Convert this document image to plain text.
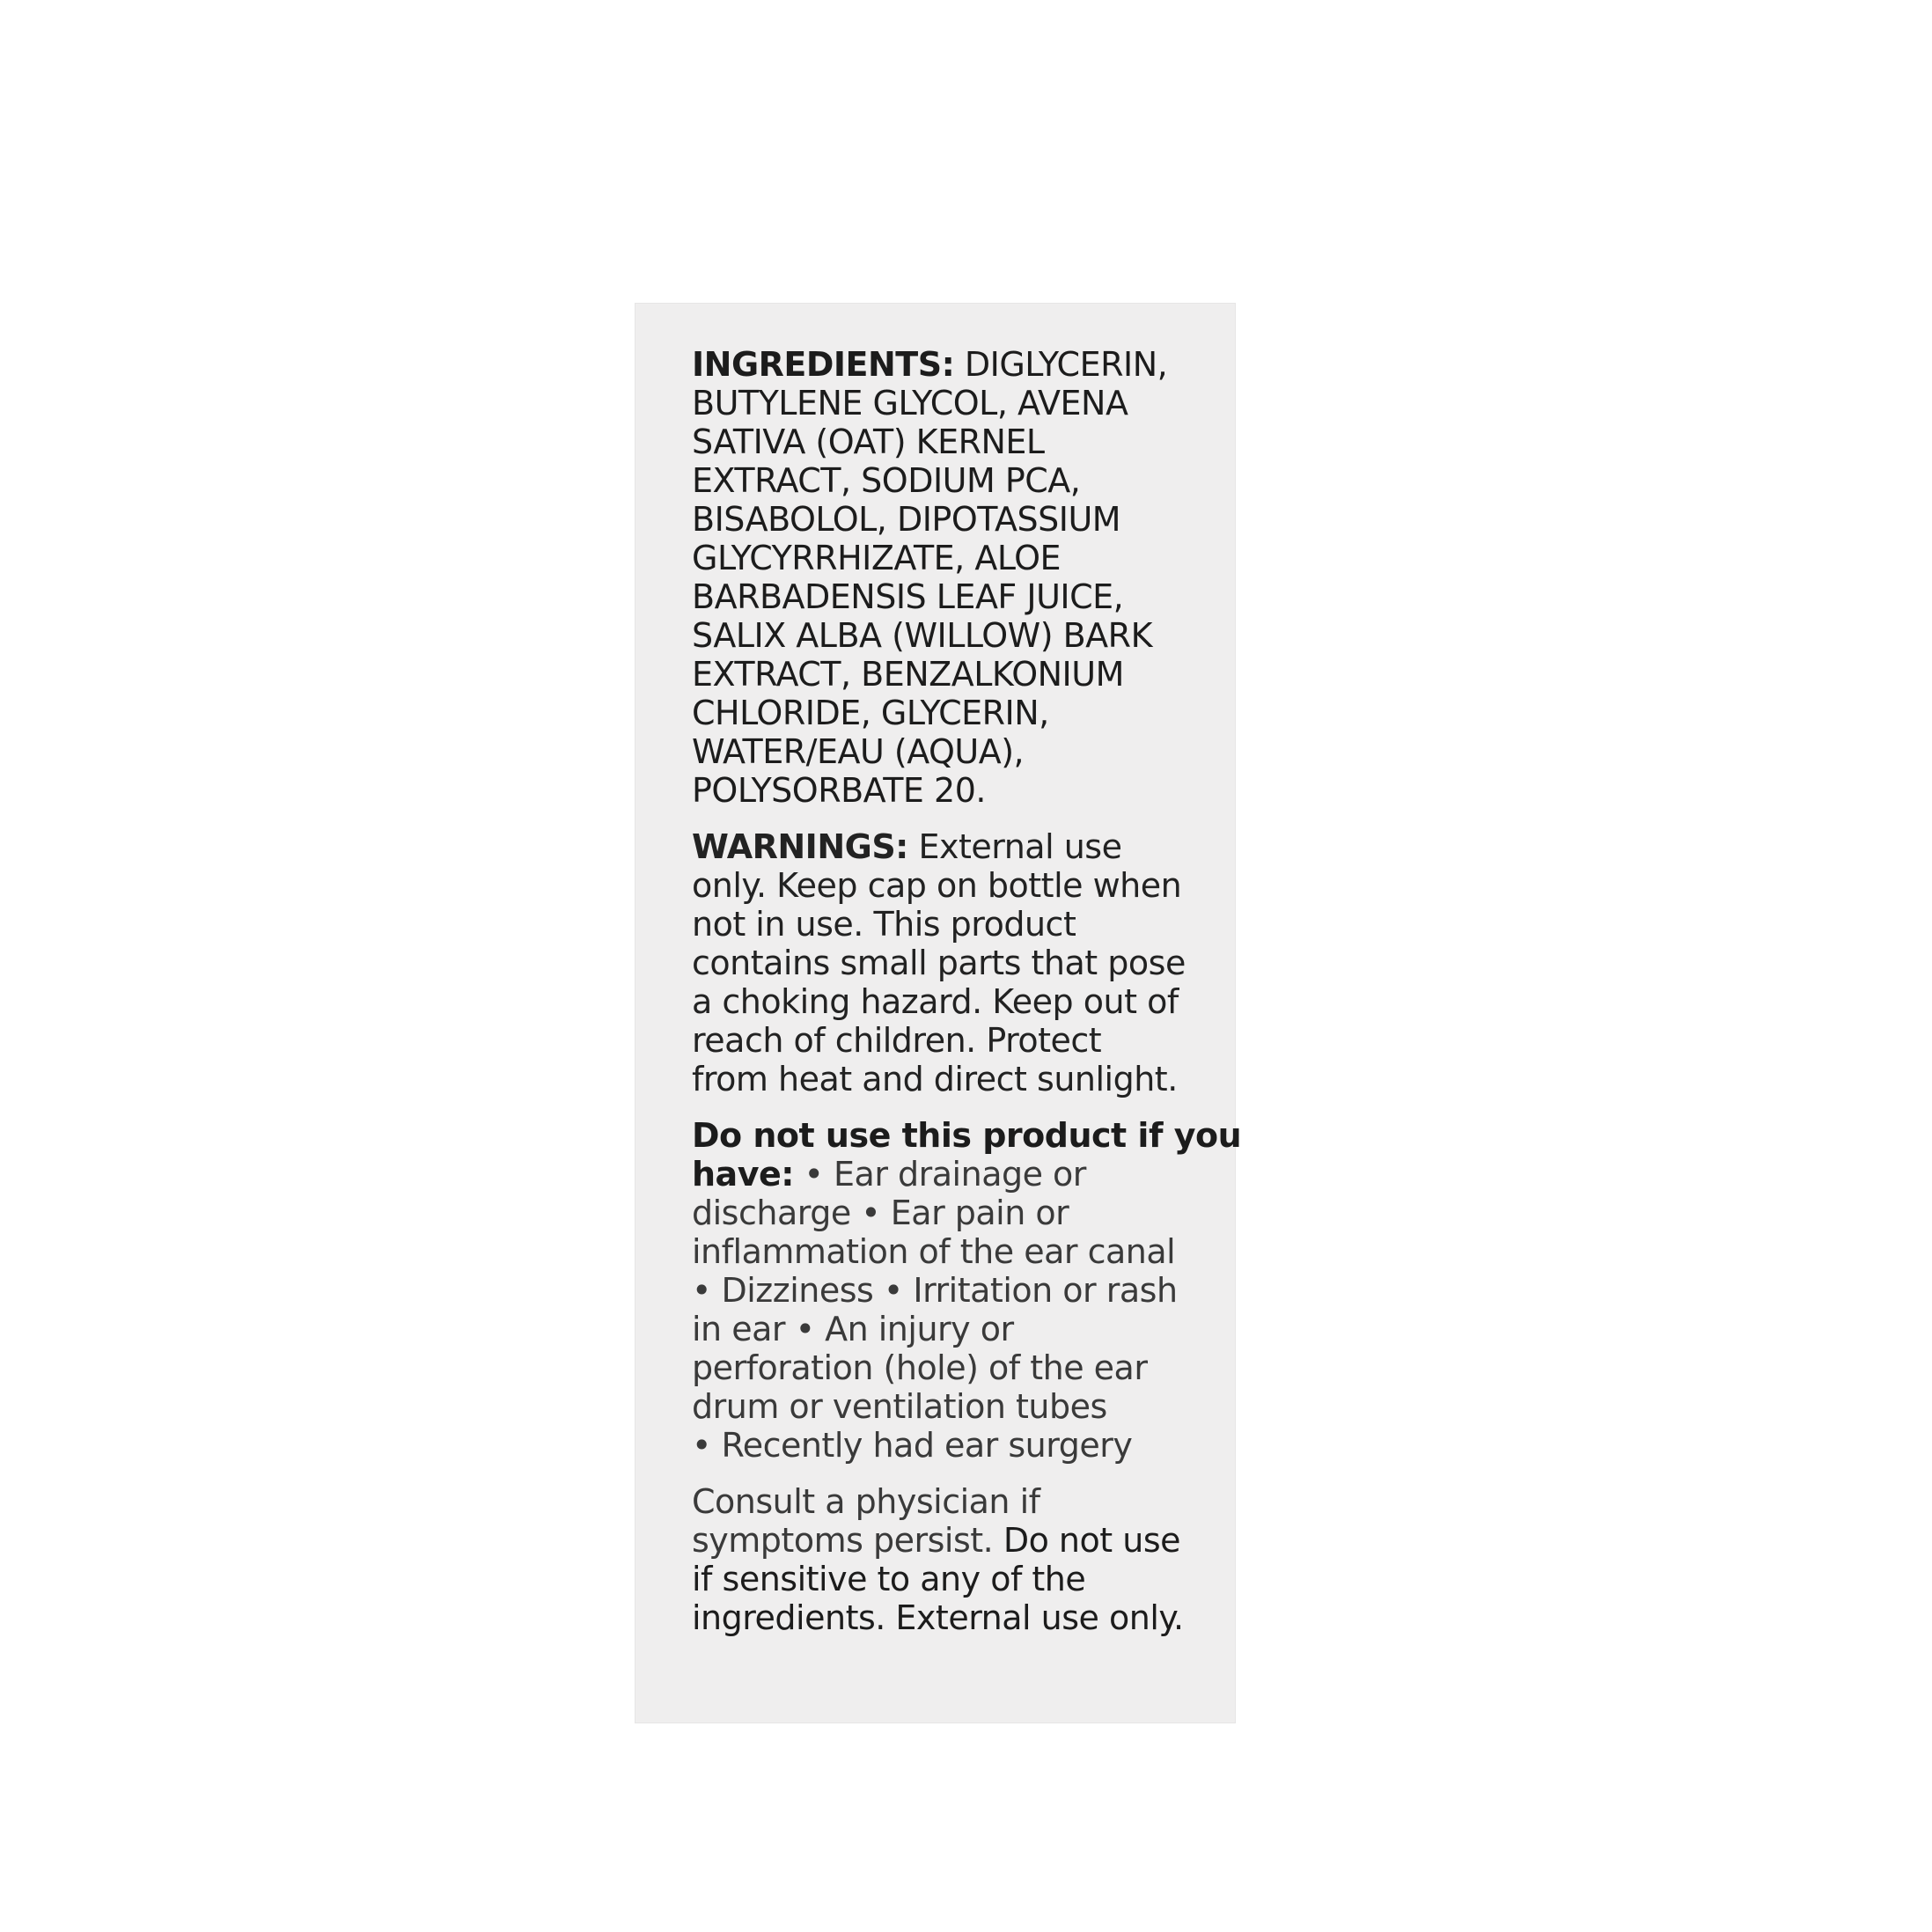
INGREDIENTS: DIGLYCERIN,
BUTYLENE GLYCOL, AVENA
SATIVA (OAT) KERNEL
EXTRACT, SODIUM PCA,
BISABOLOL, DIPOTASSIUM
GLYCYRRHIZATE, ALOE
BARBADENSIS LEAF JUICE,
SALIX ALBA (WILLOW) BARK
EXTRACT, BENZALKONIUM
CHLORIDE, GLYCERIN,
WATER/EAU (AQUA),
POLYSORBATE 20.
WARNINGS: External use
only. Keep cap on bottle when
not in use. This product
contains small parts that pose
a choking hazard. Keep out of
reach of children. Protect
from heat and direct sunlight.
Do not use this product if you
have: • Ear drainage or
discharge • Ear pain or
inflammation of the ear canal
• Dizziness • Irritation or rash
in ear • An injury or
perforation (hole) of the ear
drum or ventilation tubes
• Recently had ear surgery
Consult a physician if
symptoms persist. Do not use
if sensitive to any of the
ingredients. External use only.
